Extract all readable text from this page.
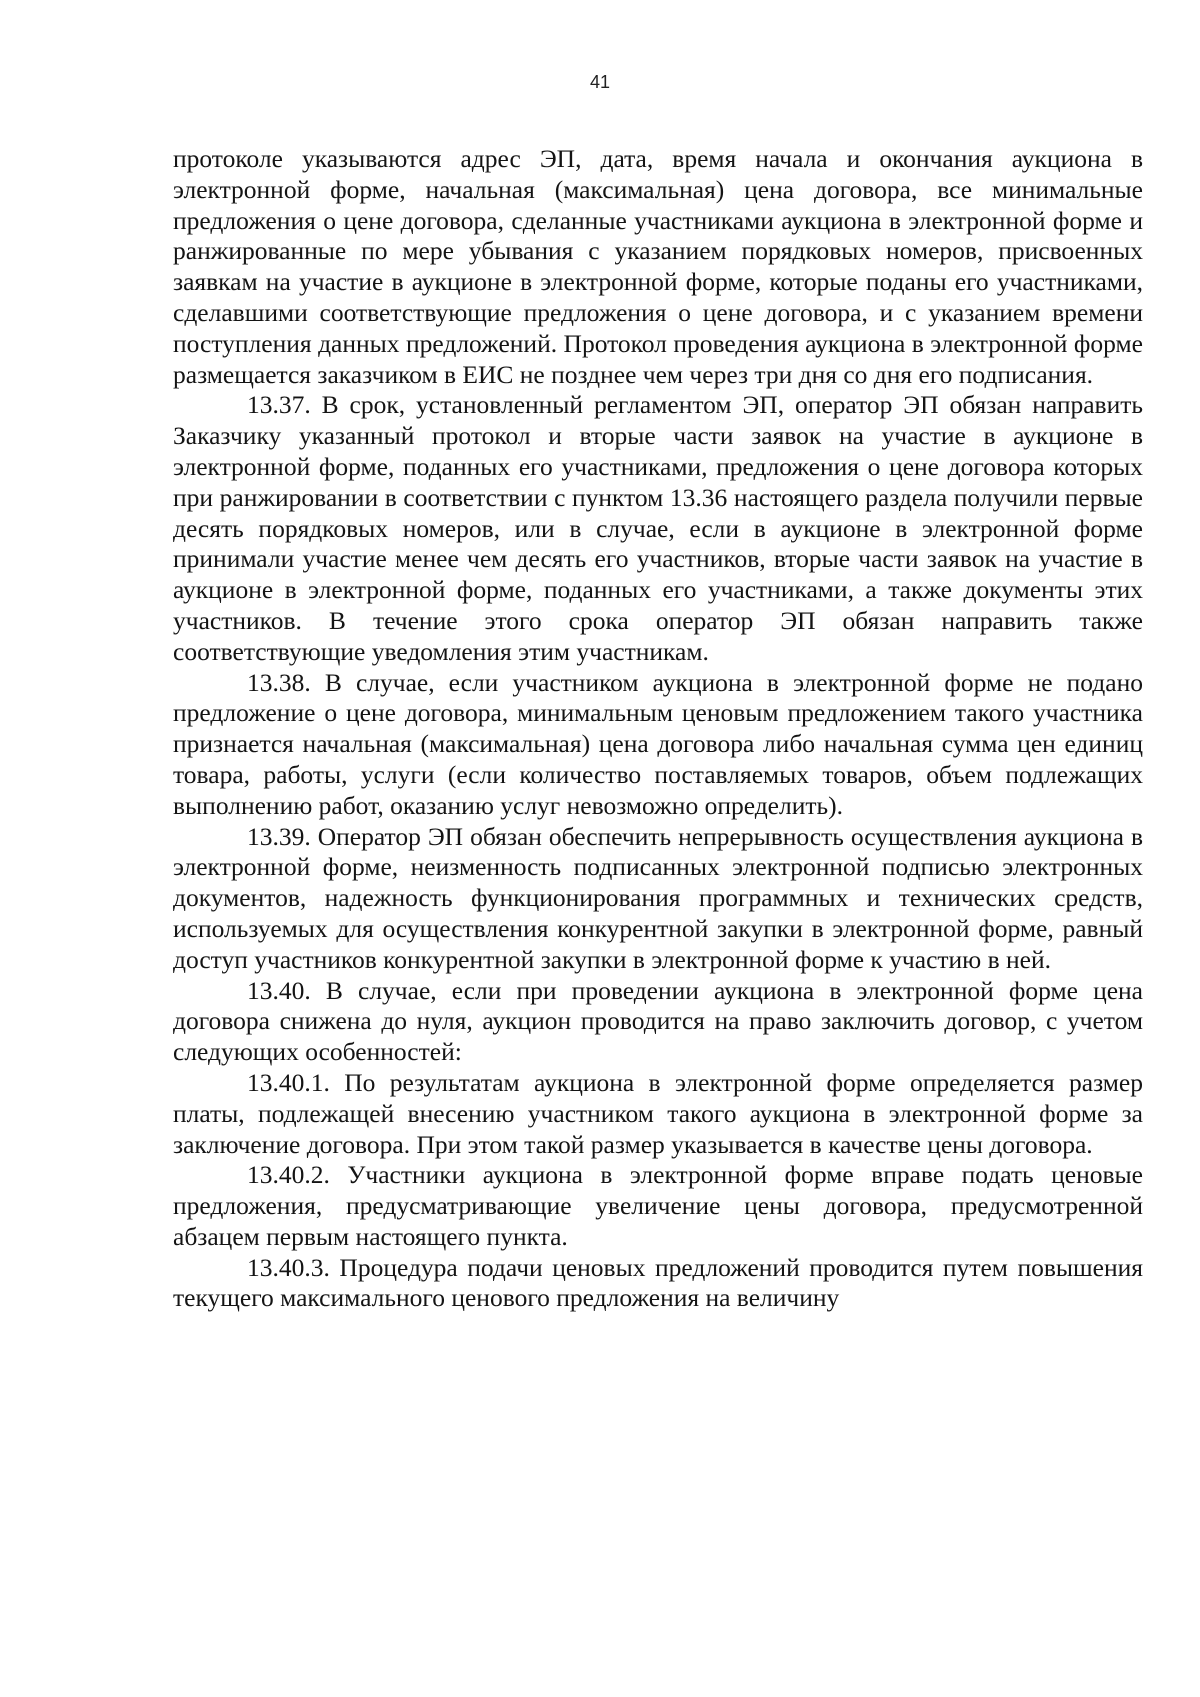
41

протоколе указываются адрес ЭП, дата, время начала и окончания аукциона в электронной форме, начальная (максимальная) цена договора, все минимальные предложения о цене договора, сделанные участниками аукциона в электронной форме и ранжированные по мере убывания с указанием порядковых номеров, присвоенных заявкам на участие в аукционе в электронной форме, которые поданы его участниками, сделавшими соответствующие предложения о цене договора, и с указанием времени поступления данных предложений. Протокол проведения аукциона в электронной форме размещается заказчиком в ЕИС не позднее чем через три дня со дня его подписания.

13.37. В срок, установленный регламентом ЭП, оператор ЭП обязан направить Заказчику указанный протокол и вторые части заявок на участие в аукционе в электронной форме, поданных его участниками, предложения о цене договора которых при ранжировании в соответствии с пунктом 13.36 настоящего раздела получили первые десять порядковых номеров, или в случае, если в аукционе в электронной форме принимали участие менее чем десять его участников, вторые части заявок на участие в аукционе в электронной форме, поданных его участниками, а также документы этих участников. В течение этого срока оператор ЭП обязан направить также соответствующие уведомления этим участникам.

13.38. В случае, если участником аукциона в электронной форме не подано предложение о цене договора, минимальным ценовым предложением такого участника признается начальная (максимальная) цена договора либо начальная сумма цен единиц товара, работы, услуги (если количество поставляемых товаров, объем подлежащих выполнению работ, оказанию услуг невозможно определить).

13.39. Оператор ЭП обязан обеспечить непрерывность осуществления аукциона в электронной форме, неизменность подписанных электронной подписью электронных документов, надежность функционирования программных и технических средств, используемых для осуществления конкурентной закупки в электронной форме, равный доступ участников конкурентной закупки в электронной форме к участию в ней.

13.40. В случае, если при проведении аукциона в электронной форме цена договора снижена до нуля, аукцион проводится на право заключить договор, с учетом следующих особенностей:

13.40.1. По результатам аукциона в электронной форме определяется размер платы, подлежащей внесению участником такого аукциона в электронной форме за заключение договора. При этом такой размер указывается в качестве цены договора.

13.40.2. Участники аукциона в электронной форме вправе подать ценовые предложения, предусматривающие увеличение цены договора, предусмотренной абзацем первым настоящего пункта.

13.40.3. Процедура подачи ценовых предложений проводится путем повышения текущего максимального ценового предложения на величину
